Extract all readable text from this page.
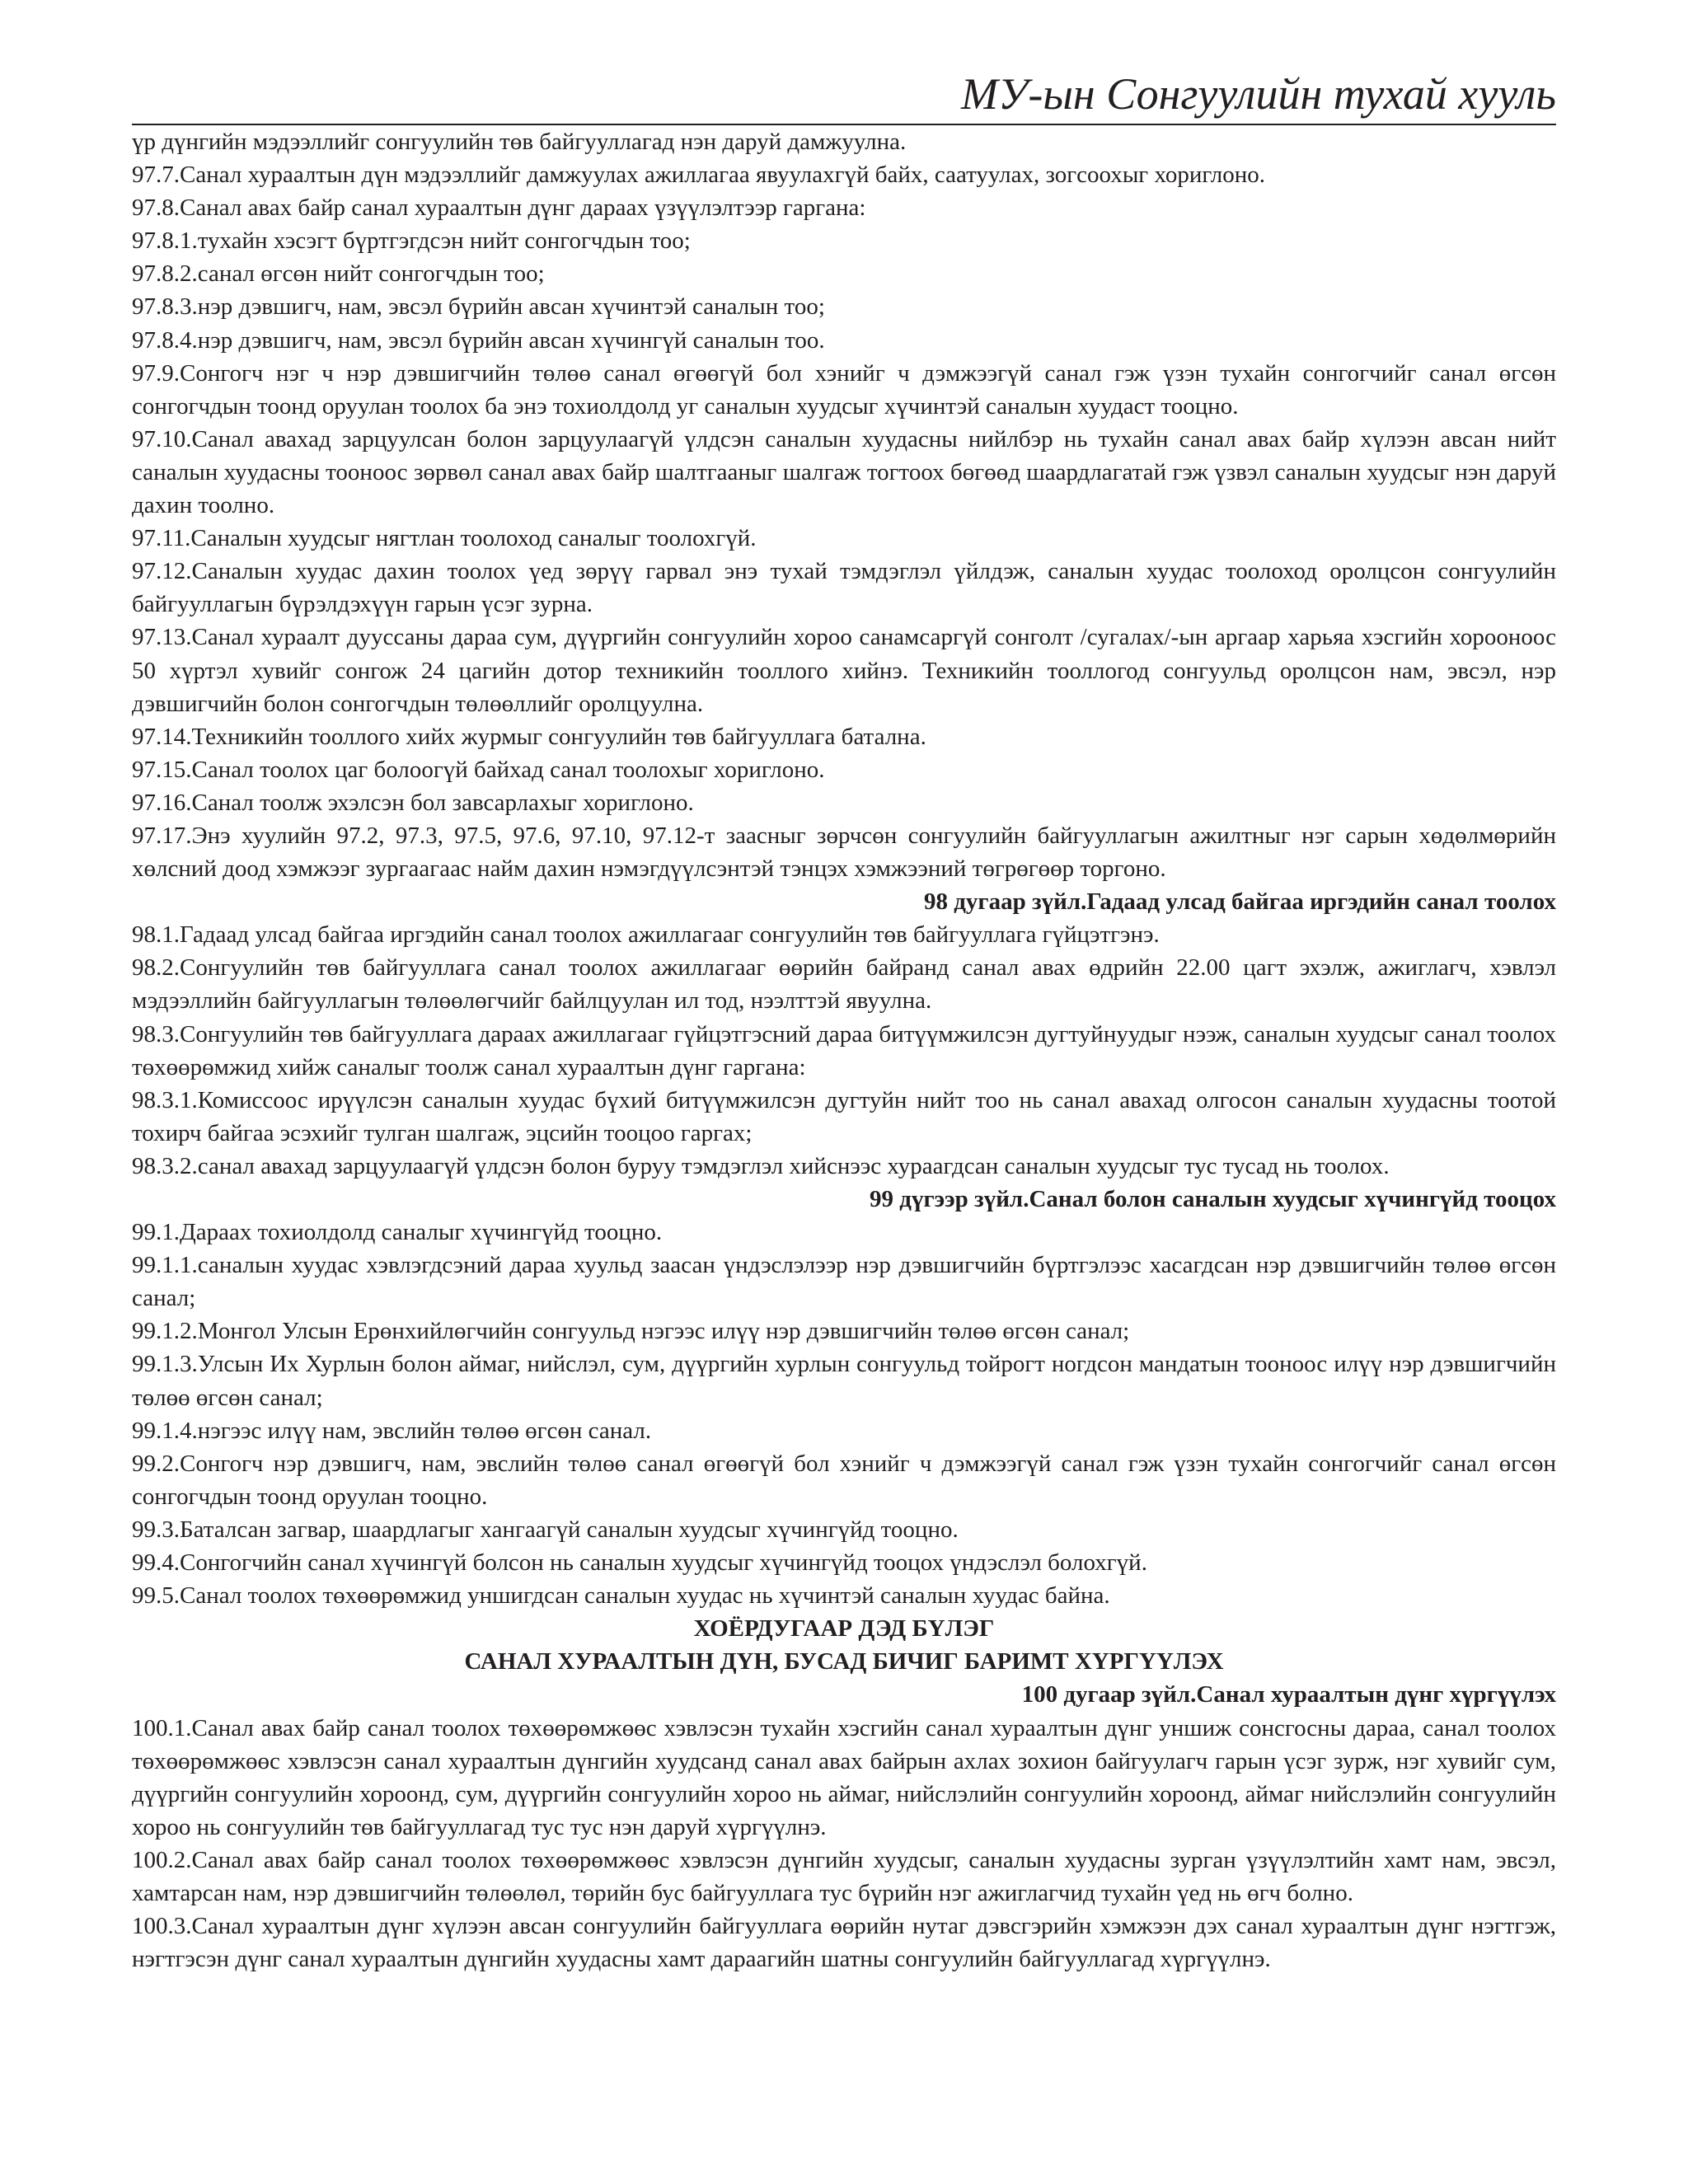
МУ-ын Сонгуулийн тухай хууль

үр дүнгийн мэдээллийг сонгуулийн төв байгууллагад нэн даруй дамжуулна.

97.7.Санал хураалтын дүн мэдээллийг дамжуулах ажиллагаа явуулахгүй байх, саатуулах, зогсоохыг хориглоно.

97.8.Санал авах байр санал хураалтын дүнг дараах үзүүлэлтээр гаргана:

97.8.1.тухайн хэсэгт бүртгэгдсэн нийт сонгогчдын тоо;

97.8.2.санал өгсөн нийт сонгогчдын тоо;

97.8.3.нэр дэвшигч, нам, эвсэл бүрийн авсан хүчинтэй саналын тоо;

97.8.4.нэр дэвшигч, нам, эвсэл бүрийн авсан хүчингүй саналын тоо.

97.9.Сонгогч нэг ч нэр дэвшигчийн төлөө санал өгөөгүй бол хэнийг ч дэмжээгүй санал гэж үзэн тухайн сонгогчийг санал өгсөн сонгогчдын тоонд оруулан тоолох ба энэ тохиолдолд уг саналын хуудсыг хүчинтэй саналын хуудаст тооцно.

97.10.Санал авахад зарцуулсан болон зарцуулаагүй үлдсэн саналын хуудасны нийлбэр нь тухайн санал авах байр хүлээн авсан нийт саналын хуудасны тооноос зөрвөл санал авах байр шалтгааныг шалгаж тогтоох бөгөөд шаардлагатай гэж үзвэл саналын хуудсыг нэн даруй дахин тоолно.

97.11.Саналын хуудсыг нягтлан тоолоход саналыг тоолохгүй.

97.12.Саналын хуудас дахин тоолох үед зөрүү гарвал энэ тухай тэмдэглэл үйлдэж, саналын хуудас тоолоход оролцсон сонгуулийн байгууллагын бүрэлдэхүүн гарын үсэг зурна.

97.13.Санал хураалт дууссаны дараа сум, дүүргийн сонгуулийн хороо санамсаргүй сонголт /сугалах/-ын аргаар харьяа хэсгийн хорооноос 50 хүртэл хувийг сонгож 24 цагийн дотор техникийн тооллого хийнэ. Техникийн тооллогод сонгуульд оролцсон нам, эвсэл, нэр дэвшигчийн болон сонгогчдын төлөөллийг оролцуулна.

97.14.Техникийн тооллого хийх журмыг сонгуулийн төв байгууллага батална.

97.15.Санал тоолох цаг болоогүй байхад санал тоолохыг хориглоно.

97.16.Санал тоолж эхэлсэн бол завсарлахыг хориглоно.

97.17.Энэ хуулийн 97.2, 97.3, 97.5, 97.6, 97.10, 97.12-т заасныг зөрчсөн сонгуулийн байгууллагын ажилтныг нэг сарын хөдөлмөрийн хөлсний доод хэмжээг зургаагаас найм дахин нэмэгдүүлсэнтэй тэнцэх хэмжээний төгрөгөөр торгоно.

98 дугаар зүйл.Гадаад улсад байгаа иргэдийн санал тоолох

98.1.Гадаад улсад байгаа иргэдийн санал тоолох ажиллагааг сонгуулийн төв байгууллага гүйцэтгэнэ.

98.2.Сонгуулийн төв байгууллага санал тоолох ажиллагааг өөрийн байранд санал авах өдрийн 22.00 цагт эхэлж, ажиглагч, хэвлэл мэдээллийн байгууллагын төлөөлөгчийг байлцуулан ил тод, нээлттэй явуулна.

98.3.Сонгуулийн төв байгууллага дараах ажиллагааг гүйцэтгэсний дараа битүүмжилсэн дугтуйнуудыг нээж, саналын хуудсыг санал тоолох төхөөрөмжид хийж саналыг тоолж санал хураалтын дүнг гаргана:

98.3.1.Комиссоос ирүүлсэн саналын хуудас бүхий битүүмжилсэн дугтуйн нийт тоо нь санал авахад олгосон саналын хуудасны тоотой тохирч байгаа эсэхийг тулган шалгаж, эцсийн тооцоо гаргах;

98.3.2.санал авахад зарцуулаагүй үлдсэн болон буруу тэмдэглэл хийснээс хураагдсан саналын хуудсыг тус тусад нь тоолох.

99 дүгээр зүйл.Санал болон саналын хуудсыг хүчингүйд тооцох

99.1.Дараах тохиолдолд саналыг хүчингүйд тооцно.

99.1.1.саналын хуудас хэвлэгдсэний дараа хуульд заасан үндэслэлээр нэр дэвшигчийн бүртгэлээс хасагдсан нэр дэвшигчийн төлөө өгсөн санал;

99.1.2.Монгол Улсын Ерөнхийлөгчийн сонгуульд нэгээс илүү нэр дэвшигчийн төлөө өгсөн санал;

99.1.3.Улсын Их Хурлын болон аймаг, нийслэл, сум, дүүргийн хурлын сонгуульд тойрогт ногдсон мандатын тооноос илүү нэр дэвшигчийн төлөө өгсөн санал;

99.1.4.нэгээс илүү нам, эвслийн төлөө өгсөн санал.

99.2.Сонгогч нэр дэвшигч, нам, эвслийн төлөө санал өгөөгүй бол хэнийг ч дэмжээгүй санал гэж үзэн тухайн сонгогчийг санал өгсөн сонгогчдын тоонд оруулан тооцно.

99.3.Баталсан загвар, шаардлагыг хангаагүй саналын хуудсыг хүчингүйд тооцно.

99.4.Сонгогчийн санал хүчингүй болсон нь саналын хуудсыг хүчингүйд тооцох үндэслэл болохгүй.

99.5.Санал тоолох төхөөрөмжид уншигдсан саналын хуудас нь хүчинтэй саналын хуудас байна.

ХОЁРДУГААР ДЭД БҮЛЭГ

САНАЛ ХУРААЛТЫН ДҮН, БУСАД БИЧИГ БАРИМТ ХҮРГҮҮЛЭХ

100 дугаар зүйл.Санал хураалтын дүнг хүргүүлэх

100.1.Санал авах байр санал тоолох төхөөрөмжөөс хэвлэсэн тухайн хэсгийн санал хураалтын дүнг уншиж сонсгосны дараа, санал тоолох төхөөрөмжөөс хэвлэсэн санал хураалтын дүнгийн хуудсанд санал авах байрын ахлах зохион байгуулагч гарын үсэг зурж, нэг хувийг сум, дүүргийн сонгуулийн хороонд, сум, дүүргийн сонгуулийн хороо нь аймаг, нийслэлийн сонгуулийн хороонд, аймаг нийслэлийн сонгуулийн хороо нь сонгуулийн төв байгууллагад тус тус нэн даруй хүргүүлнэ.

100.2.Санал авах байр санал тоолох төхөөрөмжөөс хэвлэсэн дүнгийн хуудсыг, саналын хуудасны зурган үзүүлэлтийн хамт нам, эвсэл, хамтарсан нам, нэр дэвшигчийн төлөөлөл, төрийн бус байгууллага тус бүрийн нэг ажиглагчид тухайн үед нь өгч болно.

100.3.Санал хураалтын дүнг хүлээн авсан сонгуулийн байгууллага өөрийн нутаг дэвсгэрийн хэмжээн дэх санал хураалтын дүнг нэгтгэж, нэгтгэсэн дүнг санал хураалтын дүнгийн хуудасны хамт дараагийн шатны сонгуулийн байгууллагад хүргүүлнэ.
